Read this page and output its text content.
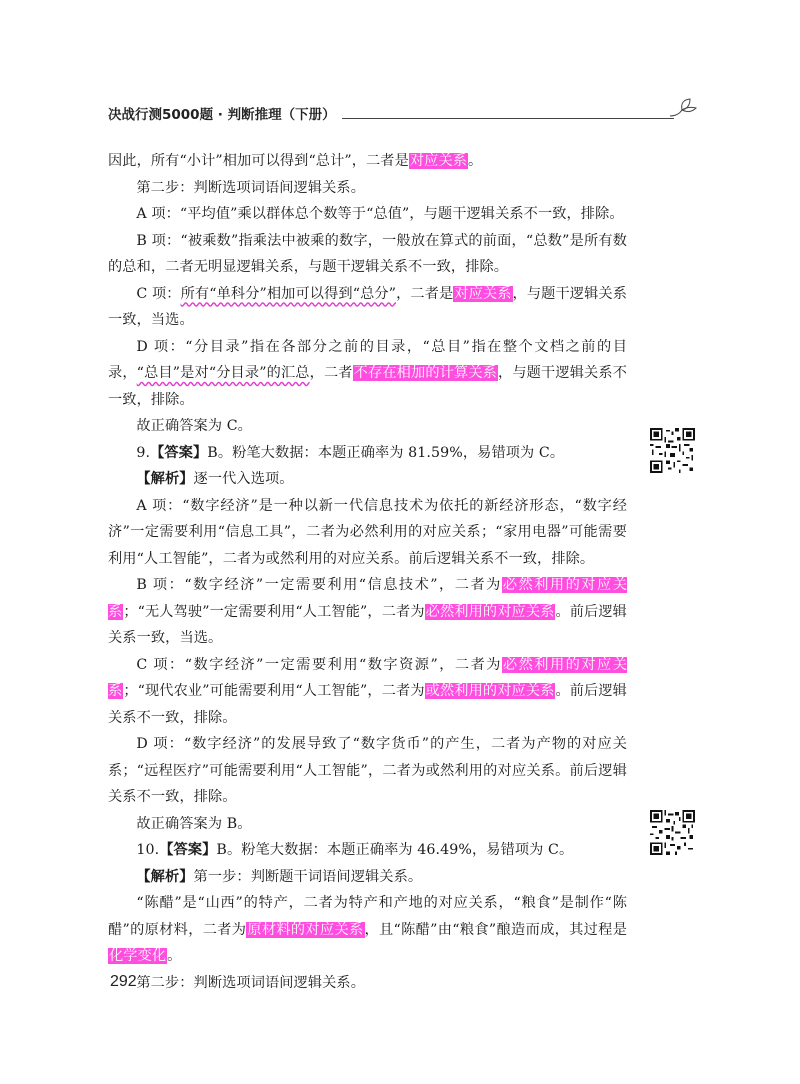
决战行测5000题 · 判断推理（下册）

因此，所有“小计”相加可以得到“总计”，二者是对应关系。

第二步：判断选项词语间逻辑关系。

A 项：“平均值”乘以群体总个数等于“总值”，与题干逻辑关系不一致，排除。

B 项：“被乘数”指乘法中被乘的数字，一般放在算式的前面，“总数”是所有数的总和，二者无明显逻辑关系，与题干逻辑关系不一致，排除。

C 项：所有“单科分”相加可以得到“总分”，二者是对应关系，与题干逻辑关系一致，当选。

D 项：“分目录”指在各部分之前的目录，“总目”指在整个文档之前的目录，“总目”是对“分目录”的汇总，二者不存在相加的计算关系，与题干逻辑关系不一致，排除。

故正确答案为 C。

9.【答案】B。粉笔大数据：本题正确率为 81.59%，易错项为 C。

【解析】逐一代入选项。

A 项：“数字经济”是一种以新一代信息技术为依托的新经济形态，“数字经济”一定需要利用“信息工具”，二者为必然利用的对应关系；“家用电器”可能需要利用“人工智能”，二者为或然利用的对应关系。前后逻辑关系不一致，排除。

B 项：“数字经济”一定需要利用“信息技术”，二者为必然利用的对应关系；“无人驾驶”一定需要利用“人工智能”，二者为必然利用的对应关系。前后逻辑关系一致，当选。

C 项：“数字经济”一定需要利用“数字资源”，二者为必然利用的对应关系；“现代农业”可能需要利用“人工智能”，二者为或然利用的对应关系。前后逻辑关系不一致，排除。

D 项：“数字经济”的发展导致了“数字货币”的产生，二者为产物的对应关系；“远程医疗”可能需要利用“人工智能”，二者为或然利用的对应关系。前后逻辑关系不一致，排除。

故正确答案为 B。

10.【答案】B。粉笔大数据：本题正确率为 46.49%，易错项为 C。

【解析】第一步：判断题干词语间逻辑关系。

“陈醋”是“山西”的特产，二者为特产和产地的对应关系，“粮食”是制作“陈醋”的原材料，二者为原材料的对应关系，且“陈醋”由“粮食”酿造而成，其过程是化学变化。

第二步：判断选项词语间逻辑关系。

292
